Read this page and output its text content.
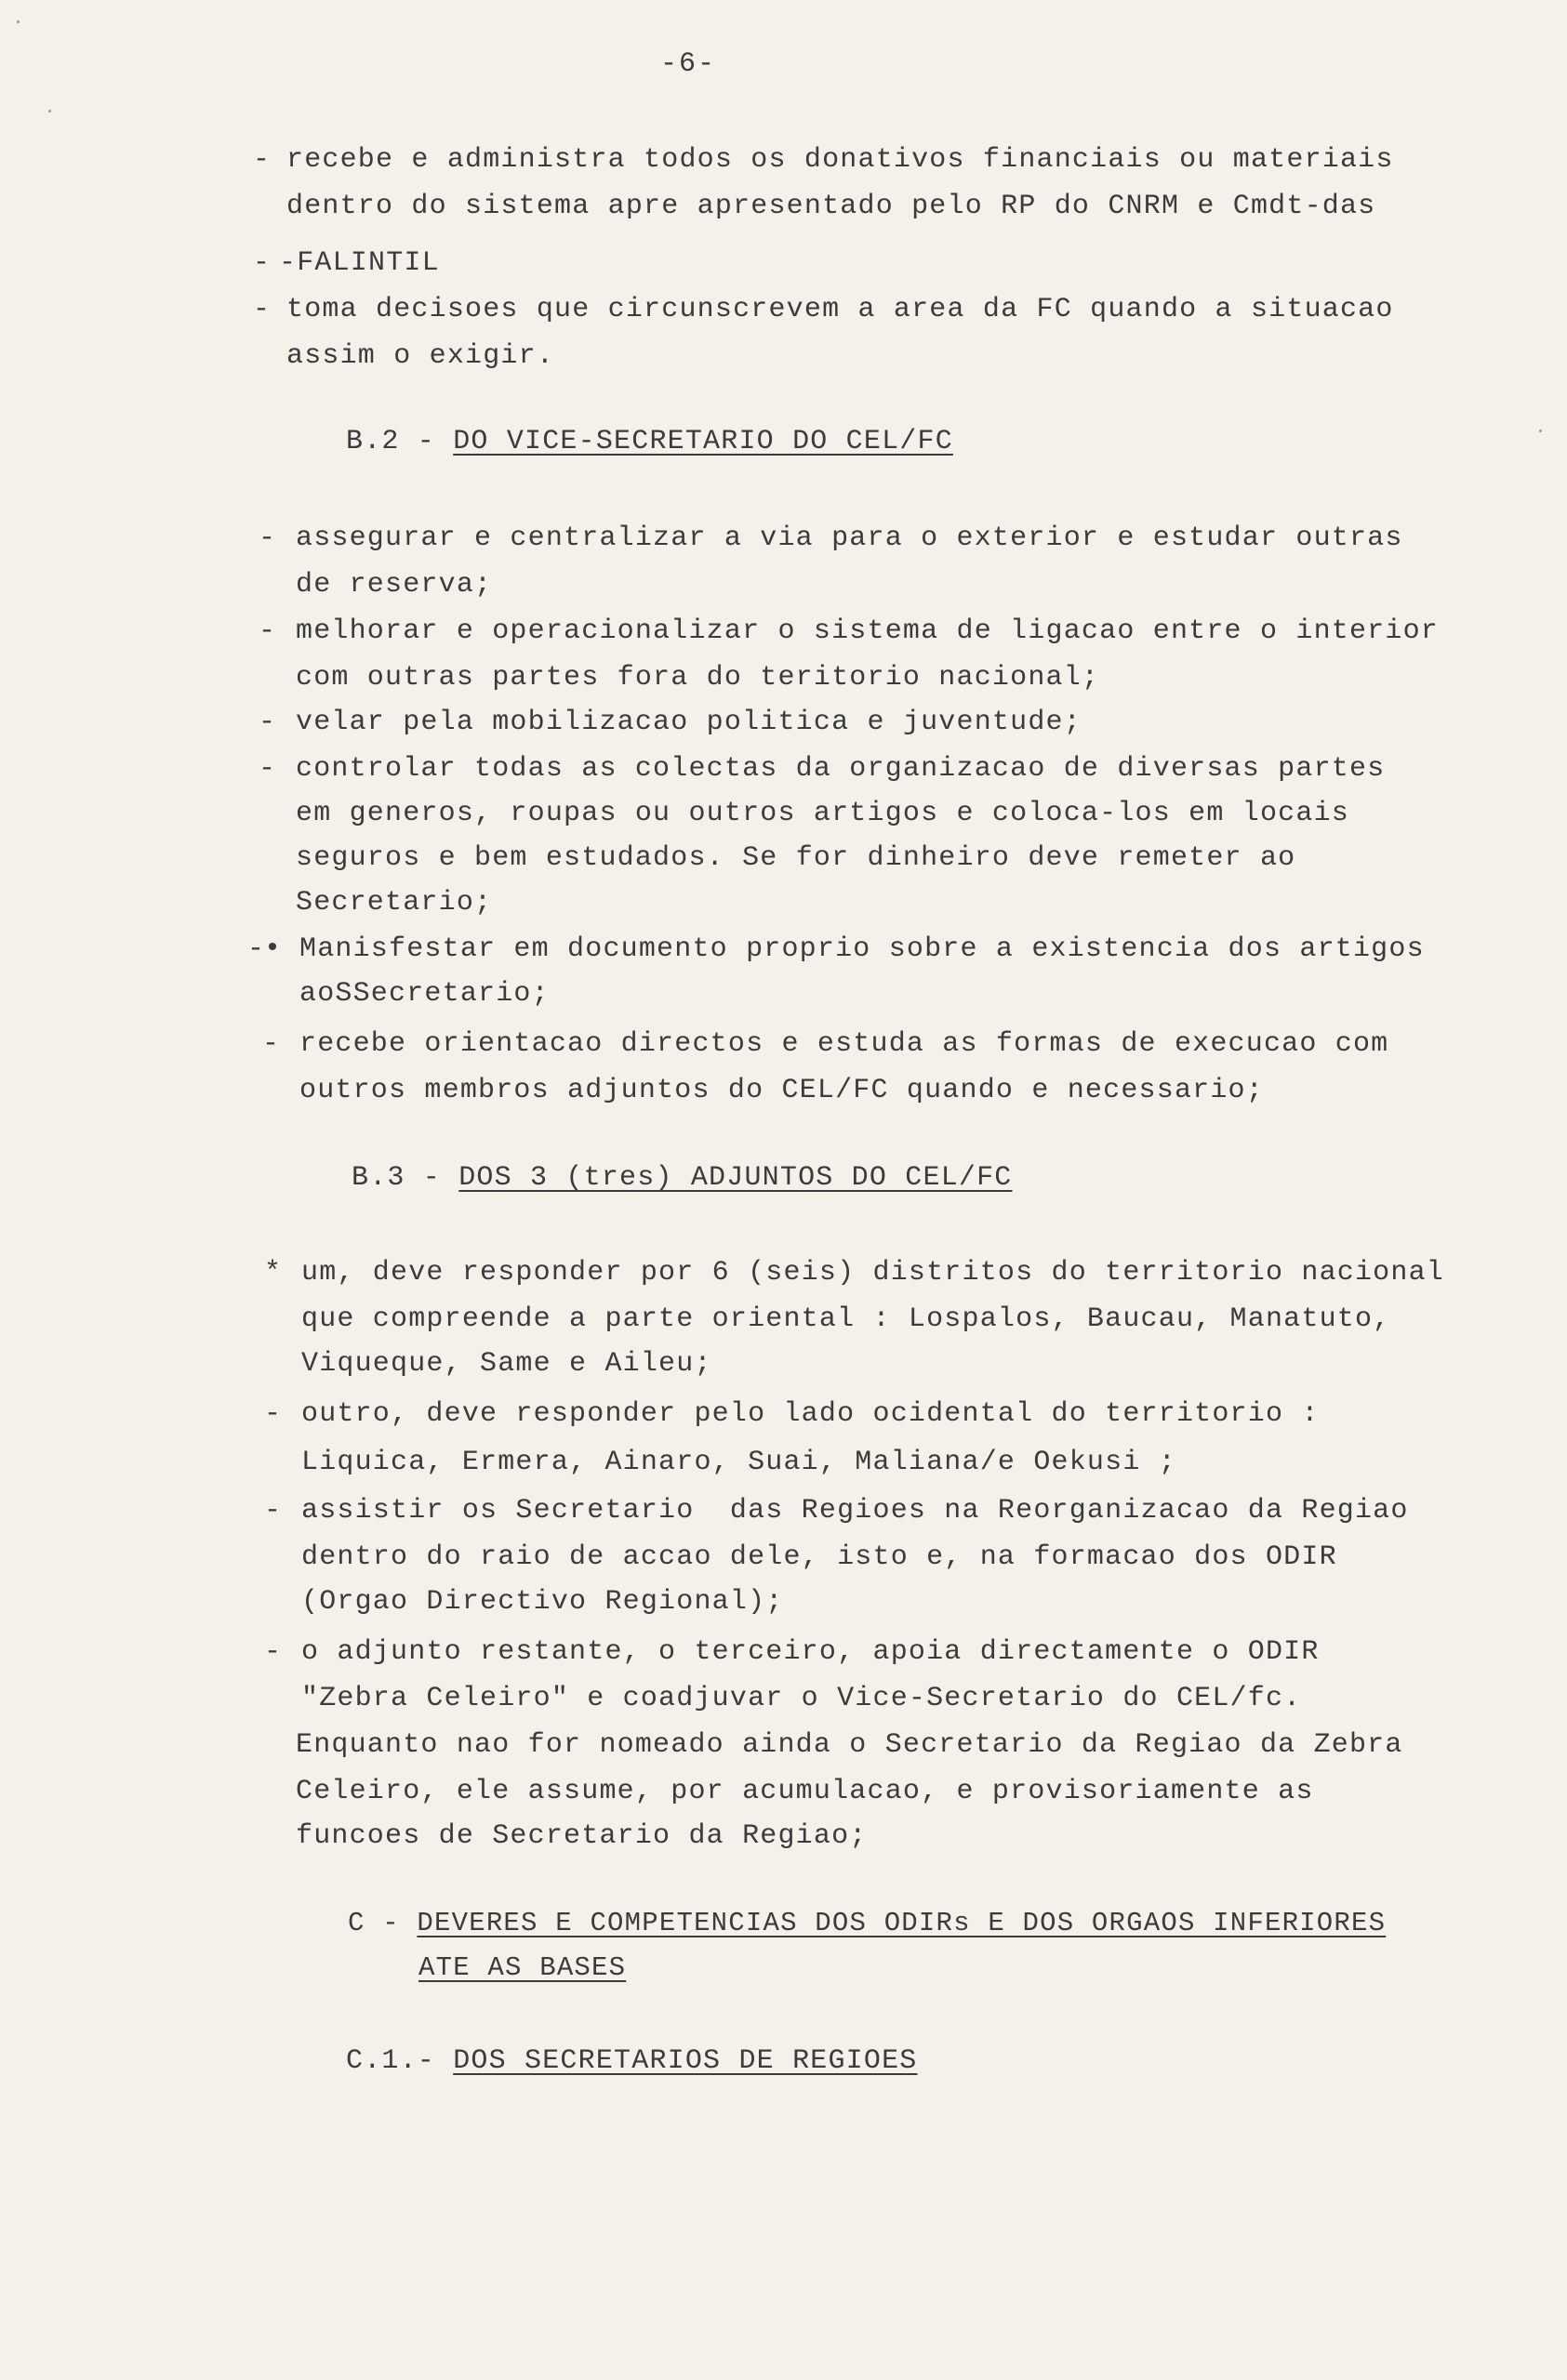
-6-
- recebe e administra todos os donativos financiais ou materiais
dentro do sistema apre apresentado pelo RP do CNRM e Cmdt-das
- -FALINTIL
- toma decisoes que circunscrevem a area da FC quando a situacao
assim o exigir.
B.2 - DO VICE-SECRETARIO DO CEL/FC
- assegurar e centralizar a via para o exterior e estudar outras
de reserva;
- melhorar e operacionalizar o sistema de ligacao entre o interior
com outras partes fora do teritorio nacional;
- velar pela mobilizacao politica e juventude;
- controlar todas as colectas da organizacao de diversas partes
em generos, roupas ou outros artigos e coloca-los em locais
seguros e bem estudados. Se for dinheiro deve remeter ao
Secretario;
-• Manisfestar em documento proprio sobre a existencia dos artigos
aoSSecretario;
- recebe orientacao directos e estuda as formas de execucao com
outros membros adjuntos do CEL/FC quando e necessario;
B.3 - DOS 3 (tres) ADJUNTOS DO CEL/FC
* um, deve responder por 6 (seis) distritos do territorio nacional
que compreende a parte oriental : Lospalos, Baucau, Manatuto,
Viqueque, Same e Aileu;
- outro, deve responder pelo lado ocidental do territorio :
Liquica, Ermera, Ainaro, Suai, Maliana/e Oekusi ;
- assistir os Secretario  das Regioes na Reorganizacao da Regiao
dentro do raio de accao dele, isto e, na formacao dos ODIR
(Orgao Directivo Regional);
- o adjunto restante, o terceiro, apoia directamente o ODIR
"Zebra Celeiro" e coadjuvar o Vice-Secretario do CEL/fc.
Enquanto nao for nomeado ainda o Secretario da Regiao da Zebra
Celeiro, ele assume, por acumulacao, e provisoriamente as
funcoes de Secretario da Regiao;
C - DEVERES E COMPETENCIAS DOS ODIRs E DOS ORGAOS INFERIORES
ATE AS BASES
C.1.- DOS SECRETARIOS DE REGIOES
